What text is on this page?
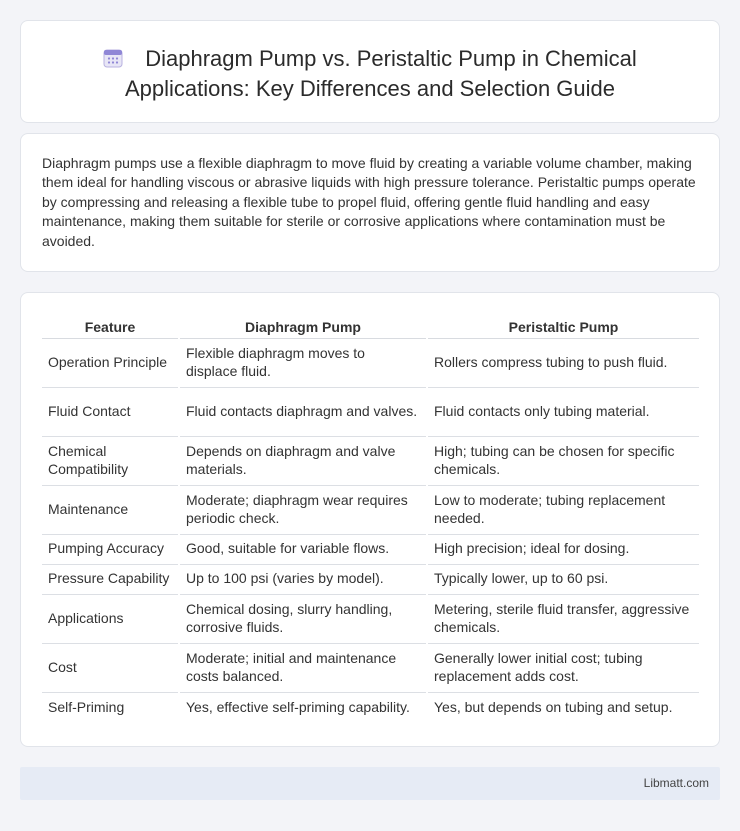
Diaphragm Pump vs. Peristaltic Pump in Chemical Applications: Key Differences and Selection Guide

Diaphragm pumps use a flexible diaphragm to move fluid by creating a variable volume chamber, making them ideal for handling viscous or abrasive liquids with high pressure tolerance. Peristaltic pumps operate by compressing and releasing a flexible tube to propel fluid, offering gentle fluid handling and easy maintenance, making them suitable for sterile or corrosive applications where contamination must be avoided.

Feature	Diaphragm Pump	Peristaltic Pump
Operation Principle	Flexible diaphragm moves to displace fluid.	Rollers compress tubing to push fluid.
Fluid Contact	Fluid contacts diaphragm and valves.	Fluid contacts only tubing material.
Chemical Compatibility	Depends on diaphragm and valve materials.	High; tubing can be chosen for specific chemicals.
Maintenance	Moderate; diaphragm wear requires periodic check.	Low to moderate; tubing replacement needed.
Pumping Accuracy	Good, suitable for variable flows.	High precision; ideal for dosing.
Pressure Capability	Up to 100 psi (varies by model).	Typically lower, up to 60 psi.
Applications	Chemical dosing, slurry handling, corrosive fluids.	Metering, sterile fluid transfer, aggressive chemicals.
Cost	Moderate; initial and maintenance costs balanced.	Generally lower initial cost; tubing replacement adds cost.
Self-Priming	Yes, effective self-priming capability.	Yes, but depends on tubing and setup.
Libmatt.com
